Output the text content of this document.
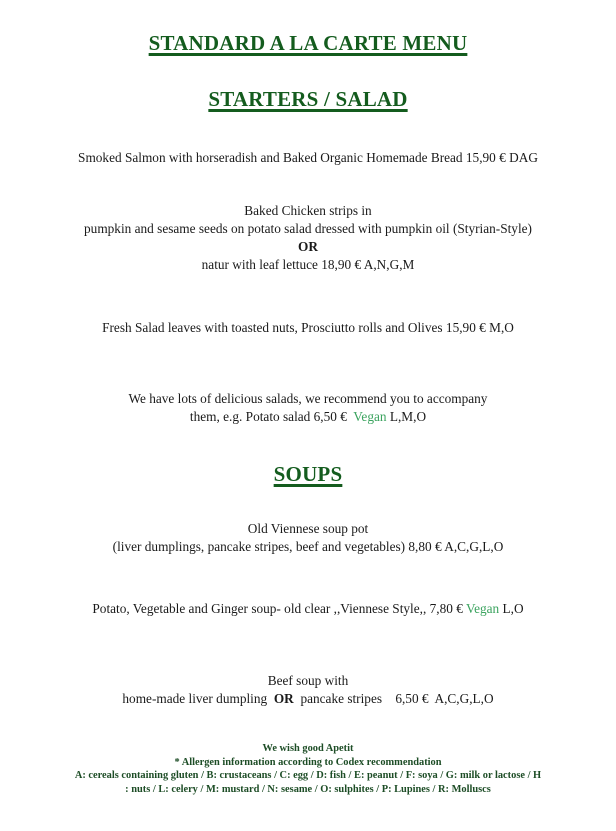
STANDARD A LA CARTE MENU
STARTERS / SALAD
Smoked Salmon with horseradish and Baked Organic Homemade Bread 15,90 € DAG
Baked Chicken strips in
pumpkin and sesame seeds on potato salad dressed with pumpkin oil (Styrian-Style)
OR
natur with leaf lettuce 18,90 € A,N,G,M
Fresh Salad leaves with toasted nuts, Prosciutto rolls and Olives 15,90 € M,O
We have lots of delicious salads, we recommend you to accompany
them, e.g. Potato salad 6,50 € Vegan L,M,O
SOUPS
Old Viennese soup pot
(liver dumplings, pancake stripes, beef and vegetables) 8,80 € A,C,G,L,O
Potato, Vegetable and Ginger soup- old clear ,,Viennese Style,, 7,80 € Vegan L,O
Beef soup with
home-made liver dumpling OR pancake stripes    6,50 €  A,C,G,L,O
We wish good Apetit
* Allergen information according to Codex recommendation
A: cereals containing gluten / B: crustaceans / C: egg / D: fish / E: peanut / F: soya / G: milk or lactose / H
: nuts / L: celery / M: mustard / N: sesame / O: sulphites / P: Lupines / R: Molluscs
